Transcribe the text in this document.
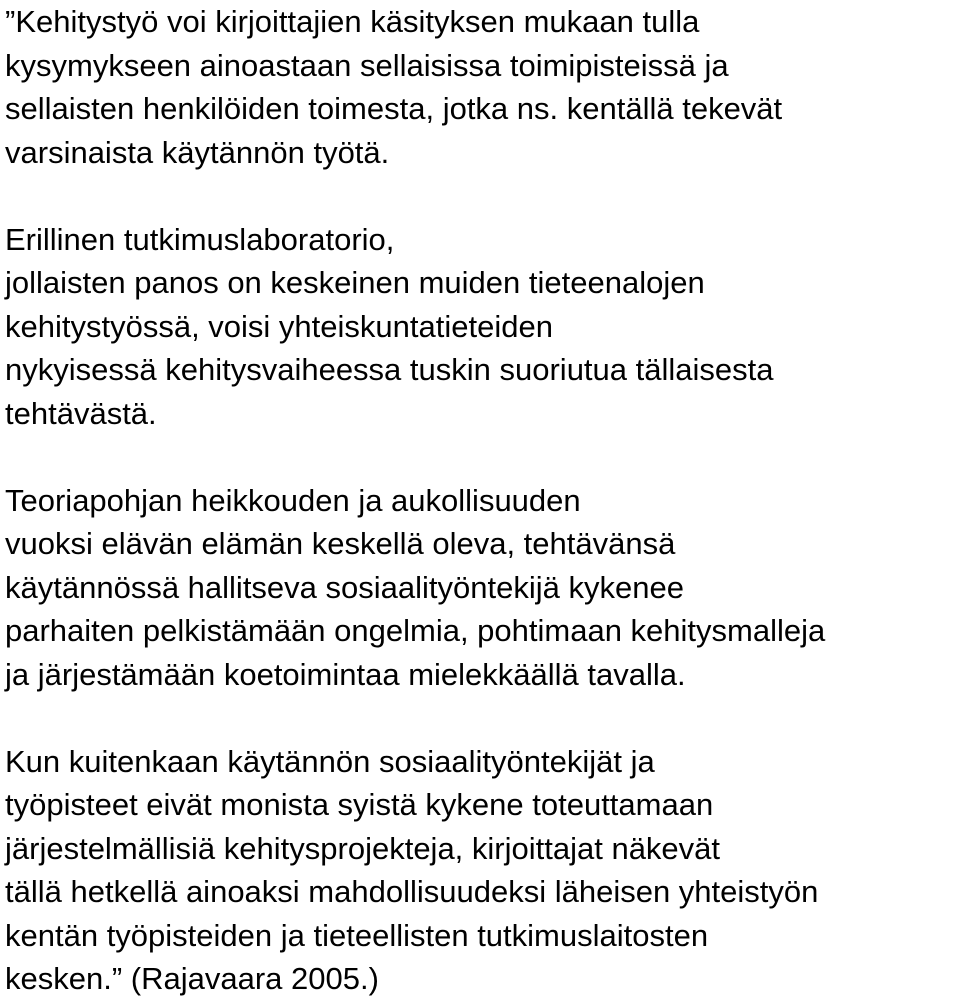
”Kehitystyö voi kirjoittajien käsityksen mukaan tulla
kysymykseen ainoastaan sellaisissa toimipisteissä ja
sellaisten henkilöiden toimesta, jotka ns. kentällä tekevät
varsinaista käytännön työtä.

Erillinen tutkimuslaboratorio,
jollaisten panos on keskeinen muiden tieteenalojen
kehitystyössä, voisi yhteiskuntatieteiden
nykyisessä kehitysvaiheessa tuskin suoriutua tällaisesta
tehtävästä.

Teoriapohjan heikkouden ja aukollisuuden
vuoksi elävän elämän keskellä oleva, tehtävänsä
käytännössä hallitseva sosiaalityöntekijä kykenee
parhaiten pelkistämään ongelmia, pohtimaan kehitysmalleja
ja järjestämään koetoimintaa mielekkäällä tavalla.

Kun kuitenkaan käytännön sosiaalityöntekijät ja
työpisteet eivät monista syistä kykene toteuttamaan
järjestelmällisiä kehitysprojekteja, kirjoittajat näkevät
tällä hetkellä ainoaksi mahdollisuudeksi läheisen yhteistyön
kentän työpisteiden ja tieteellisten tutkimuslaitosten
kesken.” (Rajavaara 2005.)
